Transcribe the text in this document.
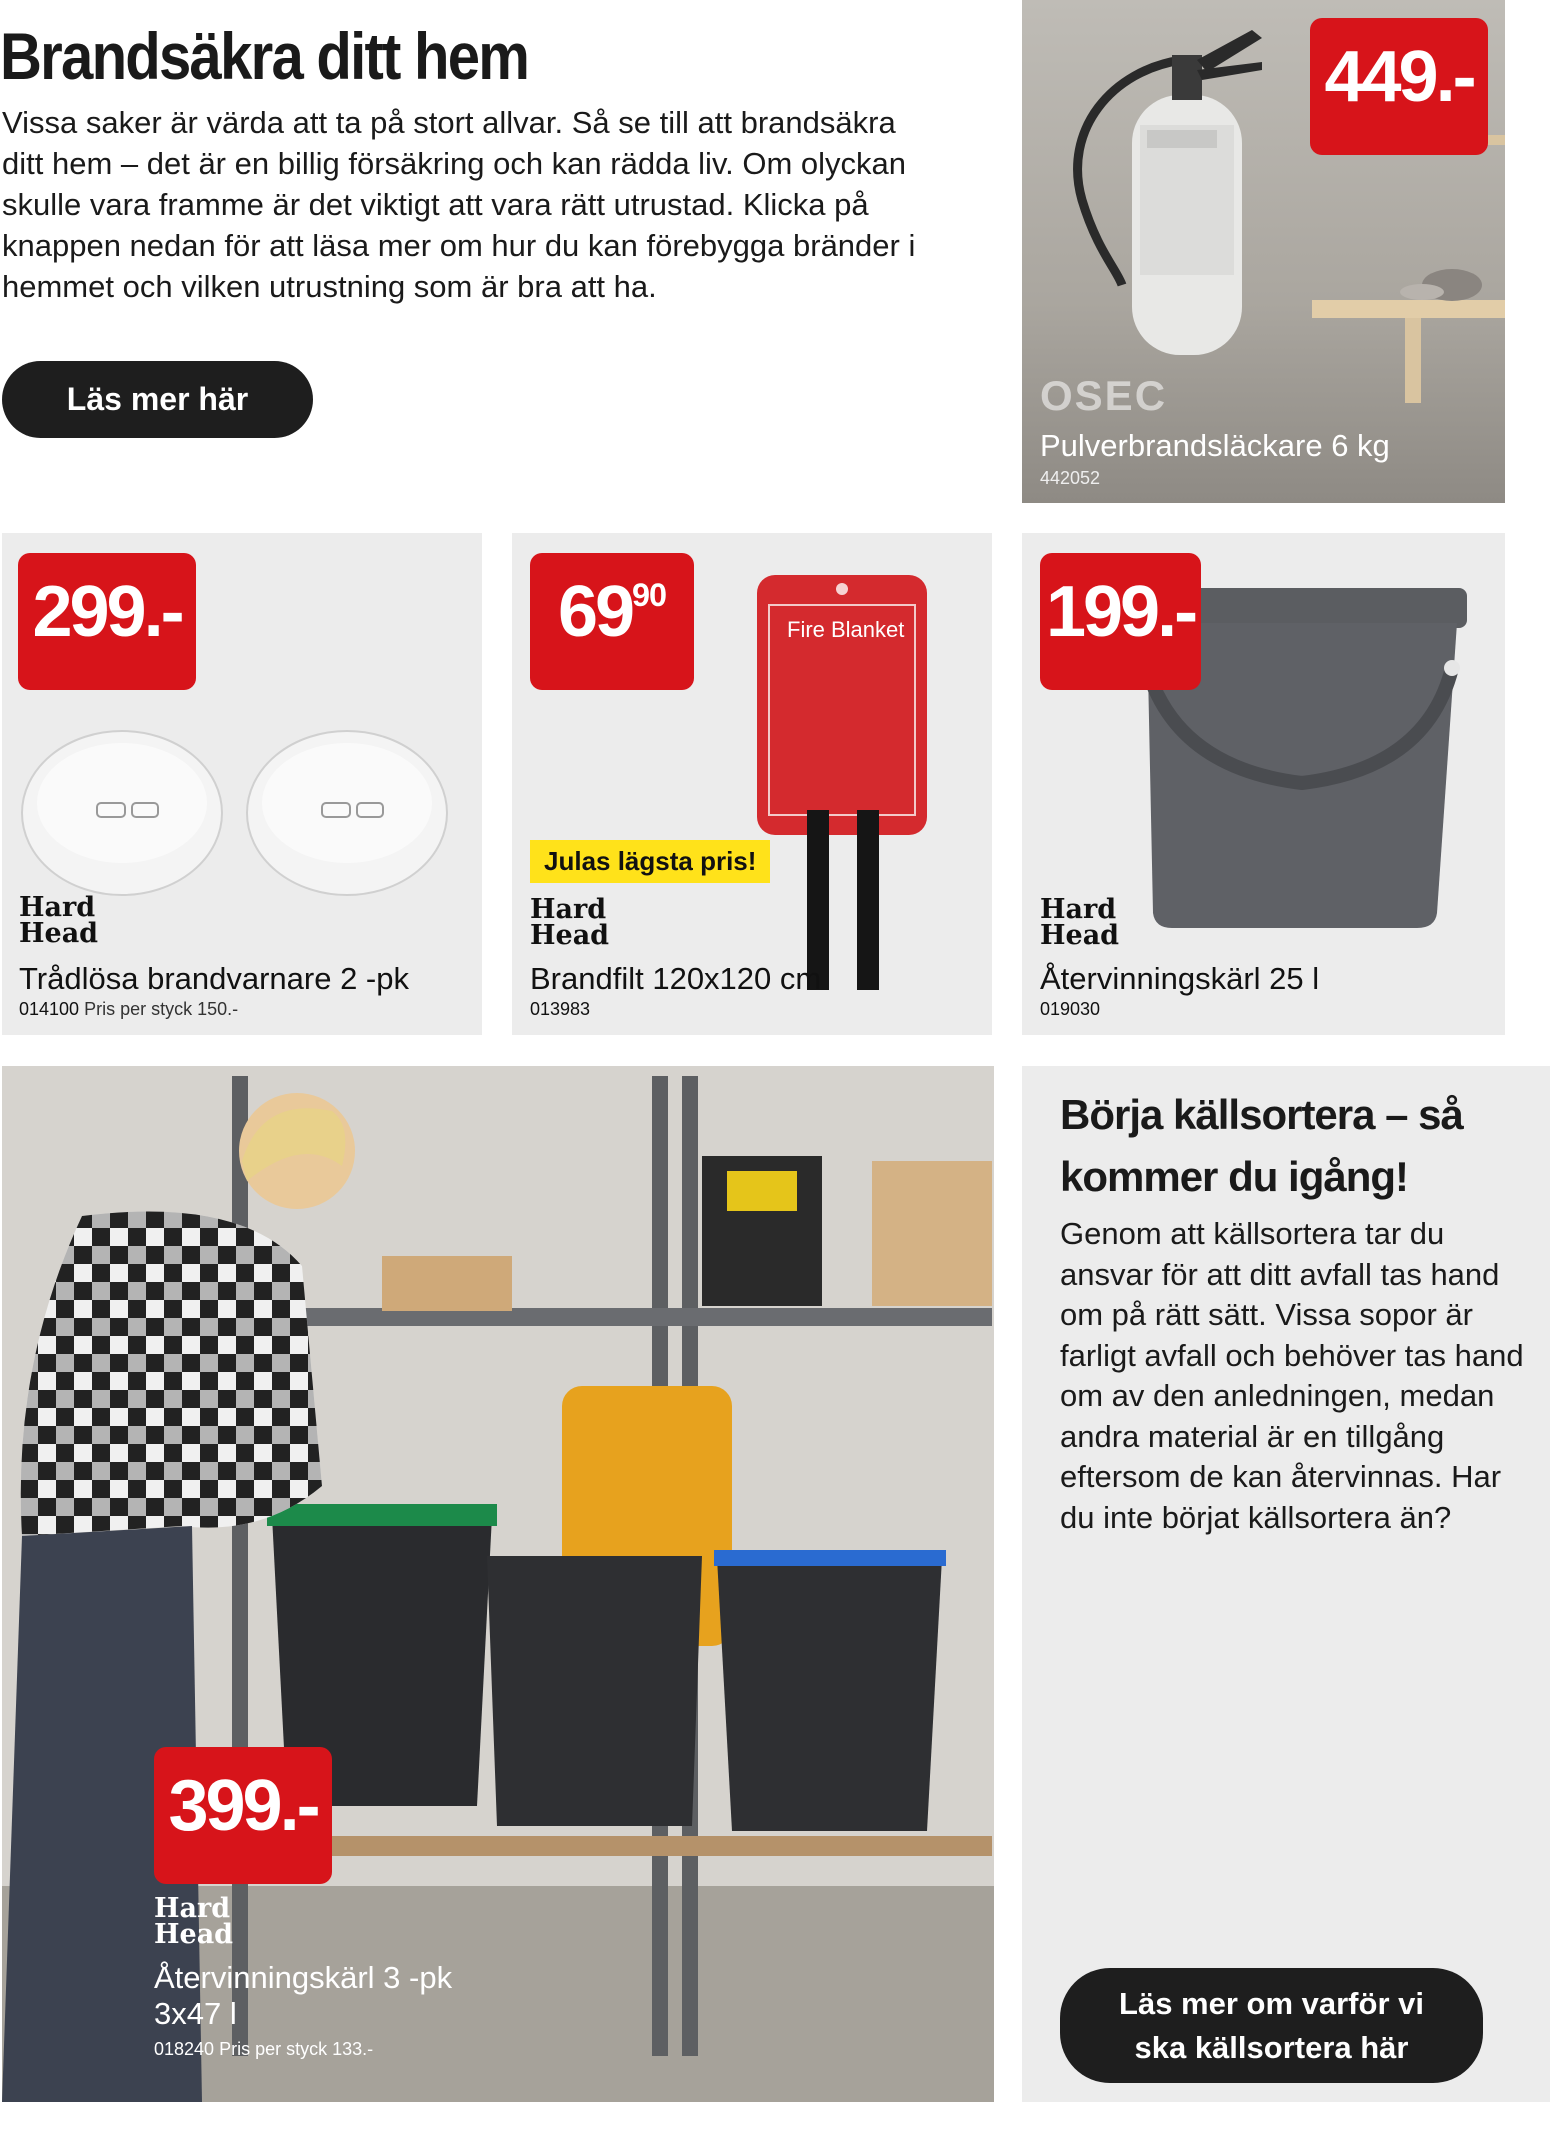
Brandsäkra ditt hem
Vissa saker är värda att ta på stort allvar. Så se till att brandsäkra ditt hem – det är en billig försäkring och kan rädda liv. Om olyckan skulle vara framme är det viktigt att vara rätt utrustad. Klicka på knappen nedan för att läsa mer om hur du kan förebygga bränder i hemmet och vilken utrustning som är bra att ha.
Läs mer här
449.-
OSEC
Pulverbrandsläckare 6 kg
442052
299.-
Hard
Head
Trådlösa brandvarnare 2 -pk
014100 Pris per styck 150.-
69 90
Fire Blanket
Julas lägsta pris!
Hard
Head
Brandfilt 120x120 cm
013983
199.-
Hard
Head
Återvinningskärl 25 l
019030
399.-
Hard
Head
Återvinningskärl 3 -pk
3x47 l
018240 Pris per styck 133.-
Börja källsortera – så kommer du igång!
Genom att källsortera tar du ansvar för att ditt avfall tas hand om på rätt sätt. Vissa sopor är farligt avfall och behöver tas hand om av den anledningen, medan andra material är en tillgång eftersom de kan återvinnas. Har du inte börjat källsortera än?
Läs mer om varför vi
ska källsortera här
